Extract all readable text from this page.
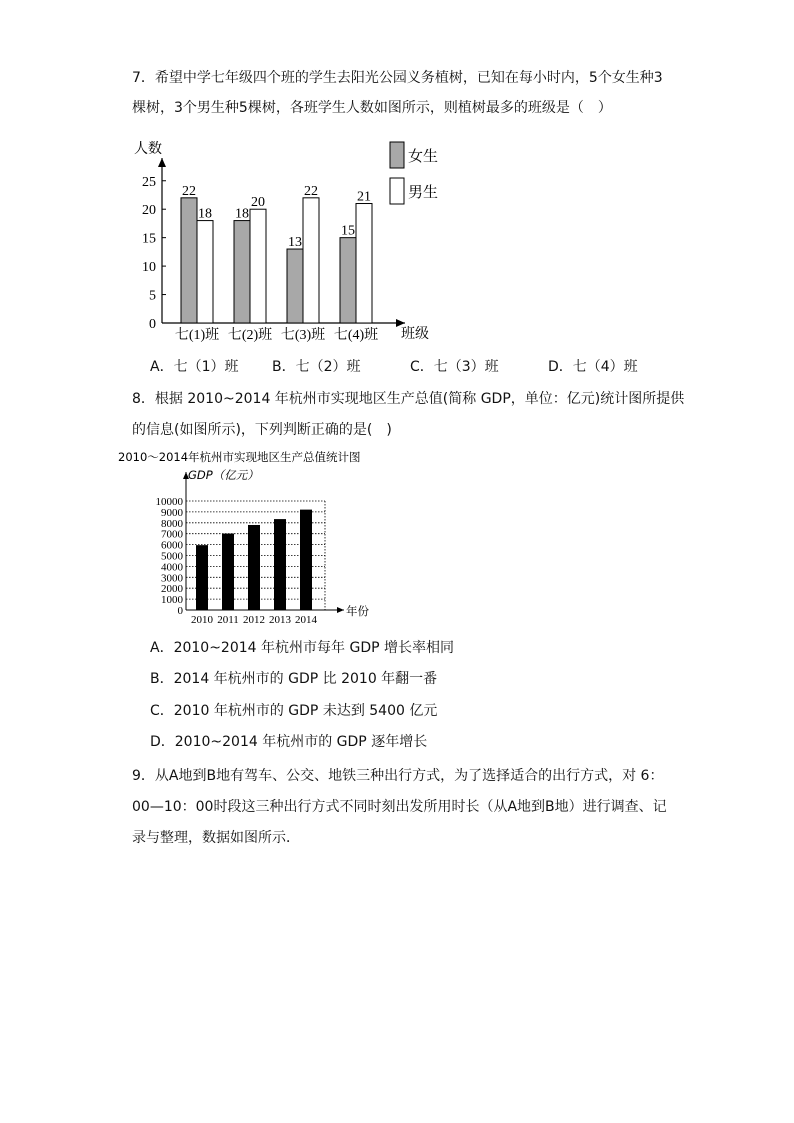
7．希望中学七年级四个班的学生去阳光公园义务植树，已知在每小时内，5个女生种3
棵树，3个男生种5棵树，各班学生人数如图所示，则植树最多的班级是（　）
人数
班级
0
5
10
15
20
25
22
18 18
20
13
22
15
21
七(1)班 七(2)班 七(3)班 七(4)班
女生
男生
A．七（1）班 B．七（2）班	C．七（3）班	D．七（4）班
8．根据 2010~2014 年杭州市实现地区生产总值(简称 GDP，单位：亿元)统计图所提供
的信息(如图所示)，下列判断正确的是(　)
2010～2014年杭州市实现地区生产总值统计图
GDP（亿元）
年份
0
1000
2000
3000
4000
5000
6000
7000
8000
9000
10000
2010 2011 2012 2013 2014
A．2010~2014 年杭州市每年 GDP 增长率相同
B．2014 年杭州市的 GDP 比 2010 年翻一番
C．2010 年杭州市的 GDP 未达到 5400 亿元
D．2010~2014 年杭州市的 GDP 逐年增长
9．从A地到B地有驾车、公交、地铁三种出行方式，为了选择适合的出行方式，对 6：
00—10：00时段这三种出行方式不同时刻出发所用时长（从A地到B地）进行调查、记
录与整理，数据如图所示．
